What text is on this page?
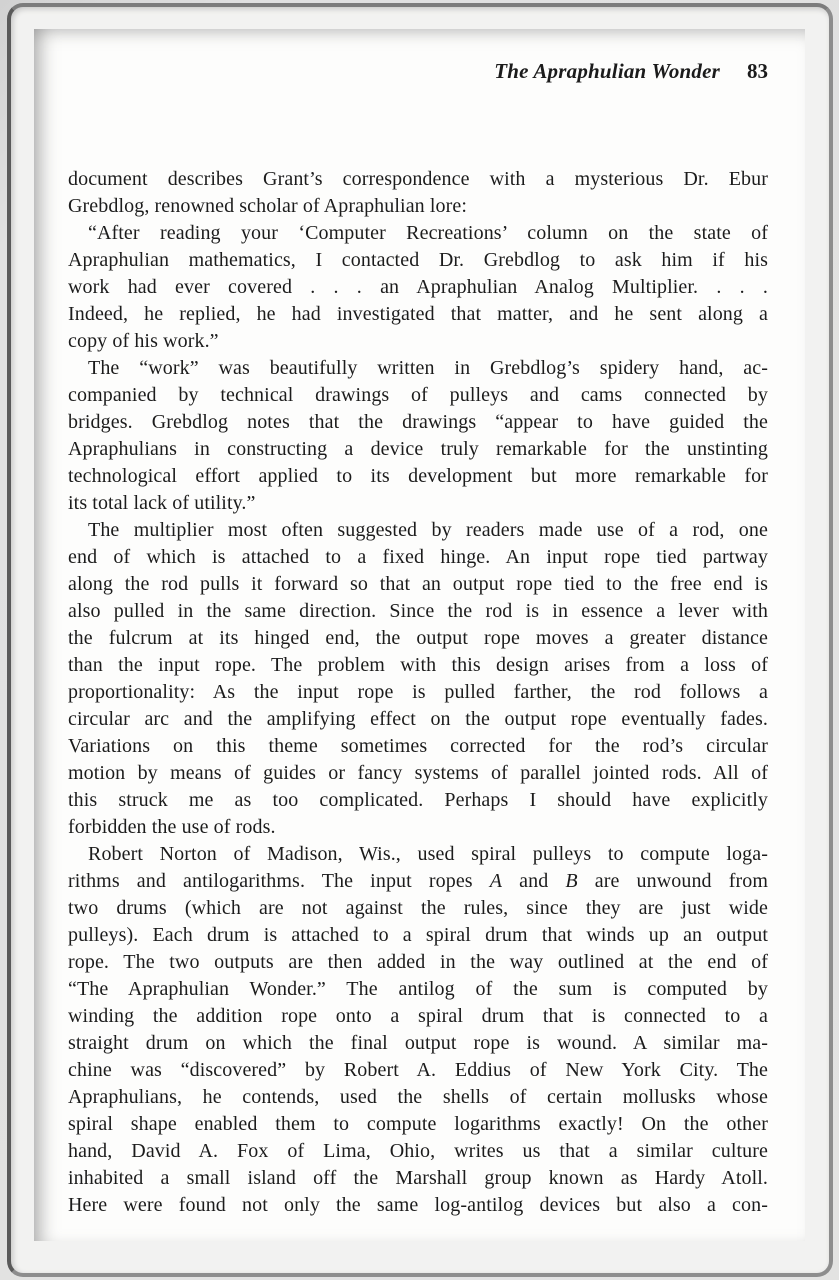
The Apraphulian Wonder 83
document describes Grant’s correspondence with a mysterious Dr. Ebur
Grebdlog, renowned scholar of Apraphulian lore:
“After reading your ‘Computer Recreations’ column on the state of
Apraphulian mathematics, I contacted Dr. Grebdlog to ask him if his
work had ever covered . . . an Apraphulian Analog Multiplier. . . .
Indeed, he replied, he had investigated that matter, and he sent along a
copy of his work.”
The “work” was beautifully written in Grebdlog’s spidery hand, ac-
companied by technical drawings of pulleys and cams connected by
bridges. Grebdlog notes that the drawings “appear to have guided the
Apraphulians in constructing a device truly remarkable for the unstinting
technological effort applied to its development but more remarkable for
its total lack of utility.”
The multiplier most often suggested by readers made use of a rod, one
end of which is attached to a fixed hinge. An input rope tied partway
along the rod pulls it forward so that an output rope tied to the free end is
also pulled in the same direction. Since the rod is in essence a lever with
the fulcrum at its hinged end, the output rope moves a greater distance
than the input rope. The problem with this design arises from a loss of
proportionality: As the input rope is pulled farther, the rod follows a
circular arc and the amplifying effect on the output rope eventually fades.
Variations on this theme sometimes corrected for the rod’s circular
motion by means of guides or fancy systems of parallel jointed rods. All of
this struck me as too complicated. Perhaps I should have explicitly
forbidden the use of rods.
Robert Norton of Madison, Wis., used spiral pulleys to compute loga-
rithms and antilogarithms. The input ropes A and B are unwound from
two drums (which are not against the rules, since they are just wide
pulleys). Each drum is attached to a spiral drum that winds up an output
rope. The two outputs are then added in the way outlined at the end of
“The Apraphulian Wonder.” The antilog of the sum is computed by
winding the addition rope onto a spiral drum that is connected to a
straight drum on which the final output rope is wound. A similar ma-
chine was “discovered” by Robert A. Eddius of New York City. The
Apraphulians, he contends, used the shells of certain mollusks whose
spiral shape enabled them to compute logarithms exactly! On the other
hand, David A. Fox of Lima, Ohio, writes us that a similar culture
inhabited a small island off the Marshall group known as Hardy Atoll.
Here were found not only the same log-antilog devices but also a con-
